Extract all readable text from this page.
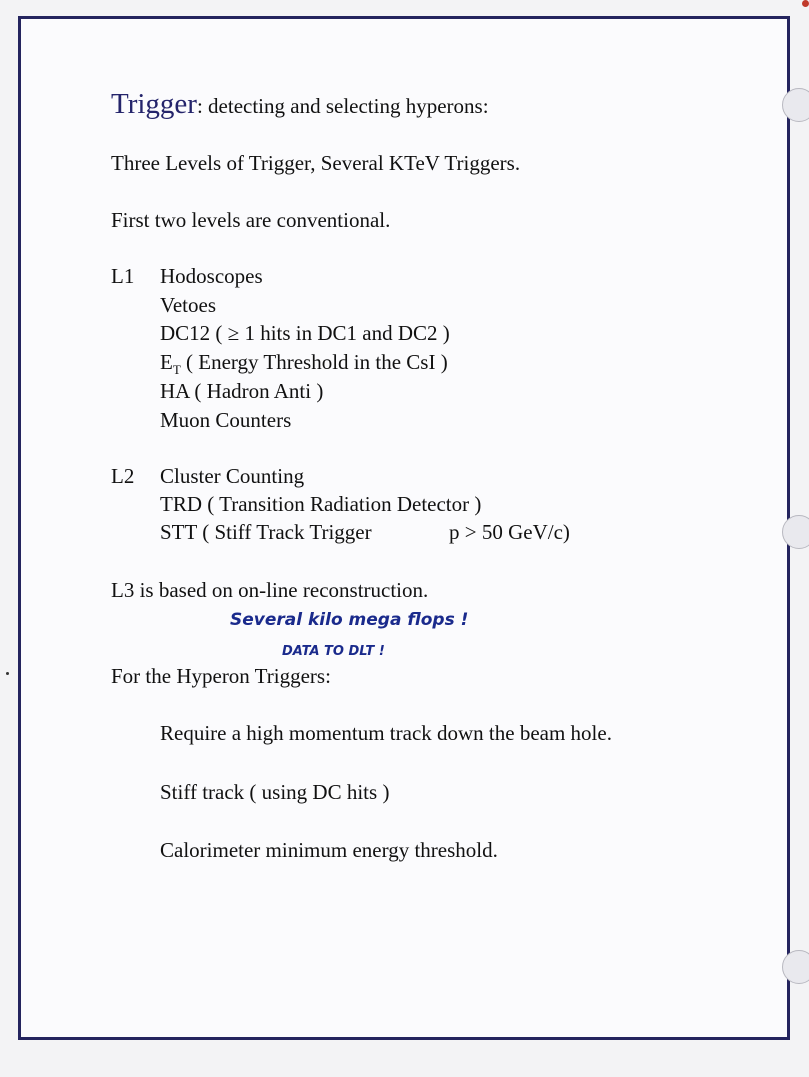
Trigger: detecting and selecting hyperons:
Three Levels of Trigger, Several KTeV Triggers.
First two levels are conventional.
L1 Hodoscopes
Vetoes
DC12 ( ≥ 1 hits in DC1 and DC2 )
$E_T$ ( Energy Threshold in the CsI )
HA ( Hadron Anti )
Muon Counters
L2 Cluster Counting
TRD ( Transition Radiation Detector )
STT ( Stiff Track Trigger	p > 50 GeV/c)
L3 is based on on-line reconstruction.
Several kilo mega flops !
DATA TO DLT !
For the Hyperon Triggers:
Require a high momentum track down the beam hole.
Stiff track ( using DC hits )
Calorimeter minimum energy threshold.
